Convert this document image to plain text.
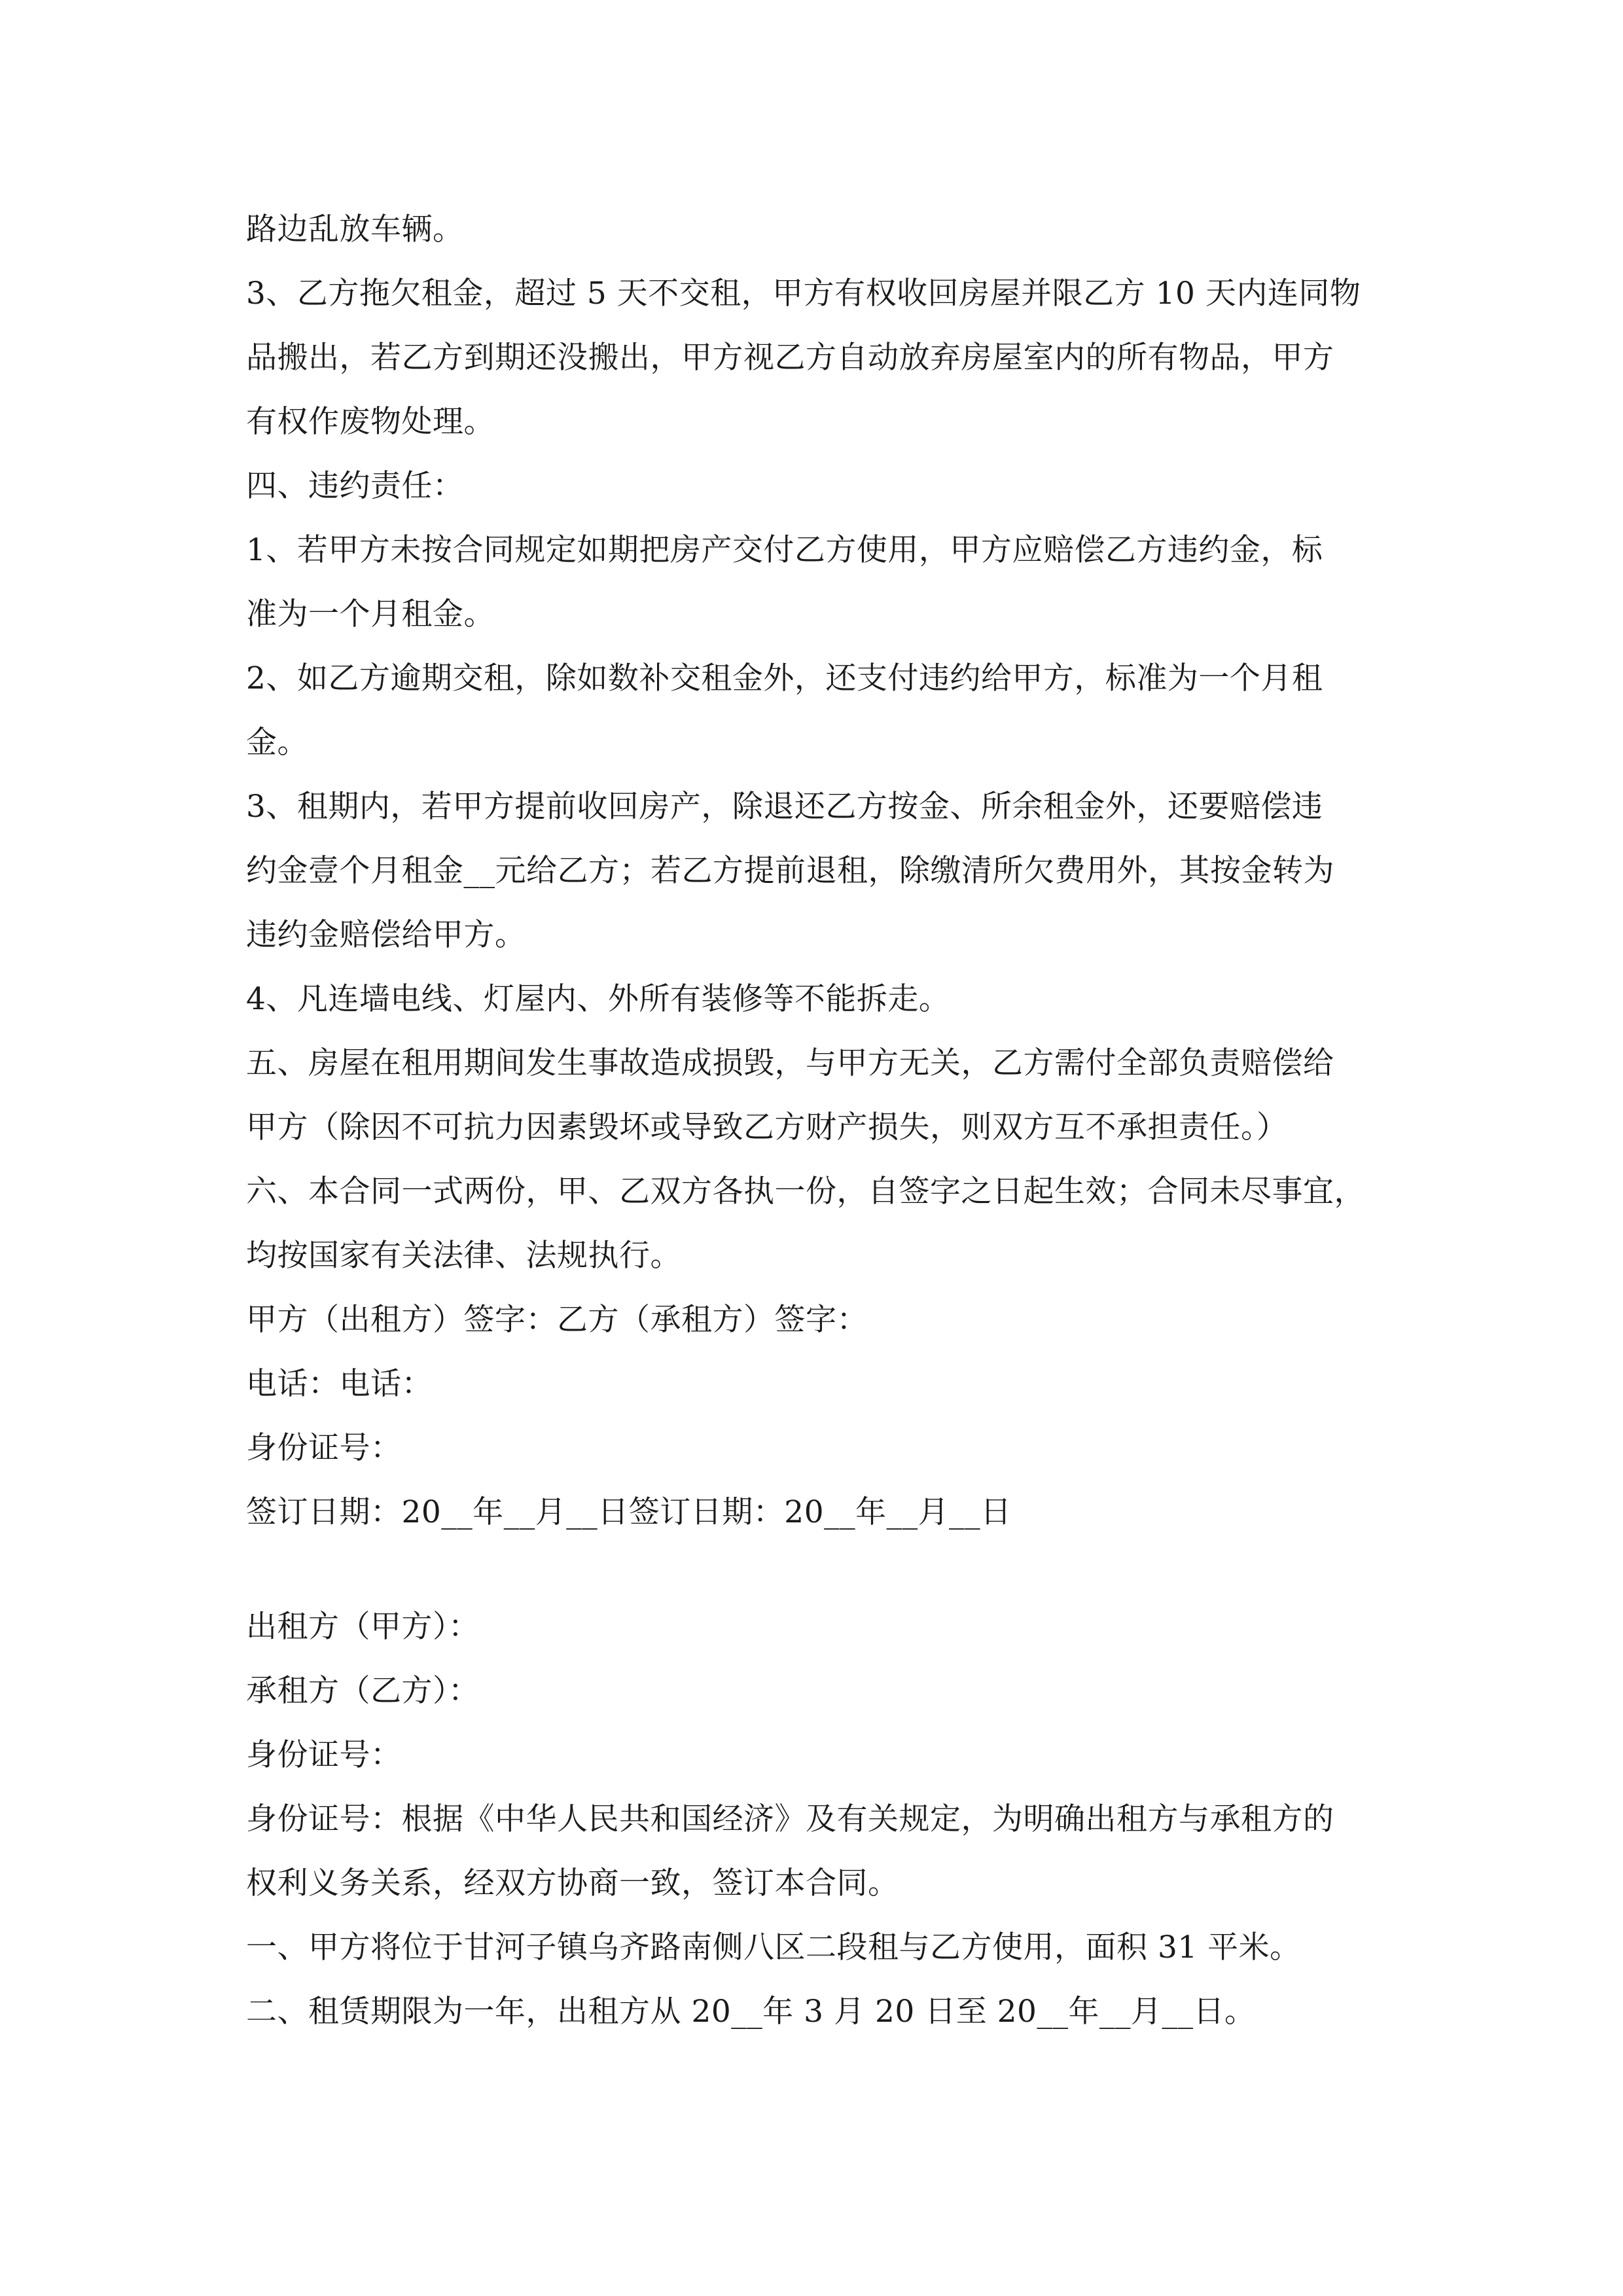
路边乱放车辆。

3、乙方拖欠租金，超过 5 天不交租，甲方有权收回房屋并限乙方 10 天内连同物

品搬出，若乙方到期还没搬出，甲方视乙方自动放弃房屋室内的所有物品，甲方

有权作废物处理。

四、违约责任：

1、若甲方未按合同规定如期把房产交付乙方使用，甲方应赔偿乙方违约金，标

准为一个月租金。

2、如乙方逾期交租，除如数补交租金外，还支付违约给甲方，标准为一个月租

金。

3、租期内，若甲方提前收回房产，除退还乙方按金、所余租金外，还要赔偿违

约金壹个月租金__元给乙方；若乙方提前退租，除缴清所欠费用外，其按金转为

违约金赔偿给甲方。

4、凡连墙电线、灯屋内、外所有装修等不能拆走。

五、房屋在租用期间发生事故造成损毁，与甲方无关，乙方需付全部负责赔偿给

甲方（除因不可抗力因素毁坏或导致乙方财产损失，则双方互不承担责任。）

六、本合同一式两份，甲、乙双方各执一份，自签字之日起生效；合同未尽事宜，

均按国家有关法律、法规执行。

甲方（出租方）签字：乙方（承租方）签字：

电话：电话：

身份证号：

签订日期：20__年__月__日签订日期：20__年__月__日

出租方（甲方）：

承租方（乙方）：

身份证号：

身份证号：根据《中华人民共和国经济》及有关规定，为明确出租方与承租方的

权利义务关系，经双方协商一致，签订本合同。

一、甲方将位于甘河子镇乌齐路南侧八区二段租与乙方使用，面积 31 平米。

二、租赁期限为一年，出租方从 20__年 3 月 20 日至 20__年__月__日。
